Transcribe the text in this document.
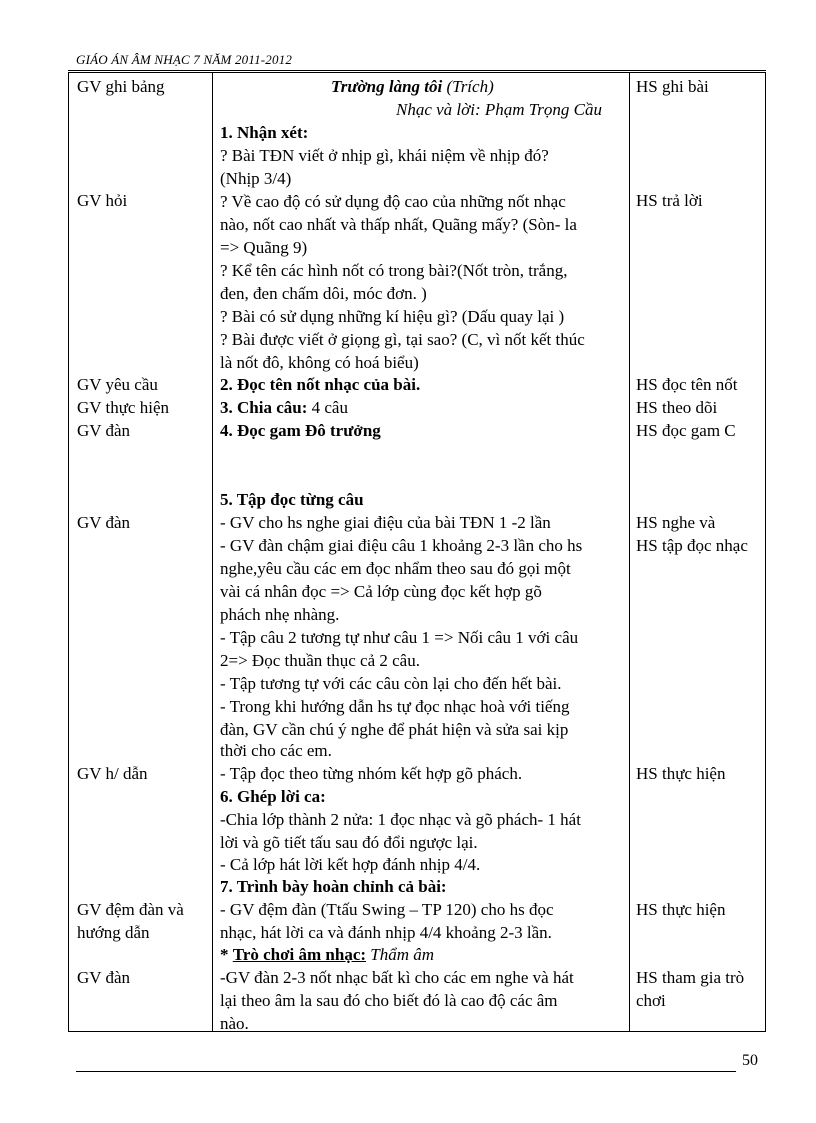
GIÁO ÁN ÂM NHẠC 7 NĂM 2011-2012
GV ghi bảng
GV hỏi
GV yêu cầu
GV thực hiện
GV đàn
GV đàn
GV h/ dẫn
GV đệm đàn và
hướng dẫn
GV đàn
HS ghi bài
HS trả lời
HS đọc tên nốt
HS theo dõi
HS đọc gam C
HS nghe và
HS tập đọc nhạc
HS thực hiện
HS thực hiện
HS tham gia trò
chơi
Trường làng tôi (Trích)
Nhạc và lời: Phạm Trọng Cầu
1. Nhận xét:
? Bài TĐN viết ở nhịp gì, khái niệm về nhịp đó?
(Nhịp 3/4)
? Về cao độ có sử dụng độ cao của những nốt nhạc
nào, nốt cao nhất và thấp nhất, Quãng mấy? (Sòn- la
=> Quãng 9)
? Kể tên các hình nốt có trong bài?(Nốt tròn, trắng,
đen, đen chấm dôi, móc đơn. )
? Bài có sử dụng những kí hiệu gì? (Dấu quay lại )
? Bài được viết ở giọng gì, tại sao? (C, vì nốt kết thúc
là nốt đô, không có hoá biểu)
2. Đọc tên nốt nhạc của bài.
3. Chia câu: 4 câu
4. Đọc gam Đô trưởng
5. Tập đọc từng câu
- GV cho hs nghe giai điệu của bài TĐN 1 -2 lần
- GV đàn chậm giai điệu câu 1 khoảng 2-3 lần cho hs
nghe,yêu cầu các em đọc nhẩm theo sau đó gọi một
vài cá nhân đọc => Cả lớp cùng đọc kết hợp gõ
phách nhẹ nhàng.
- Tập câu 2 tương tự như câu 1 => Nối câu 1 với câu
2=> Đọc thuần thục cả 2 câu.
- Tập tương tự với các câu còn lại cho đến hết bài.
- Trong khi hướng dẫn hs tự đọc nhạc hoà với tiếng
đàn, GV cần chú ý nghe để phát hiện và sửa sai kịp
thời cho các em.
- Tập đọc theo từng nhóm kết hợp gõ phách.
6. Ghép lời ca:
-Chia lớp thành 2 nửa: 1 đọc nhạc và gõ phách- 1 hát
lời và gõ tiết tấu sau đó đổi ngược lại.
- Cả lớp hát lời kết hợp đánh nhịp 4/4.
7. Trình bày hoàn chỉnh cả bài:
- GV đệm đàn (Ttấu Swing – TP 120) cho hs đọc
nhạc, hát lời ca và đánh nhịp 4/4 khoảng 2-3 lần.
* Trò chơi âm nhạc: Thẩm âm
-GV đàn 2-3 nốt nhạc bất kì cho các em nghe và hát
lại theo âm la sau đó cho biết đó là cao độ các âm
nào.
50
